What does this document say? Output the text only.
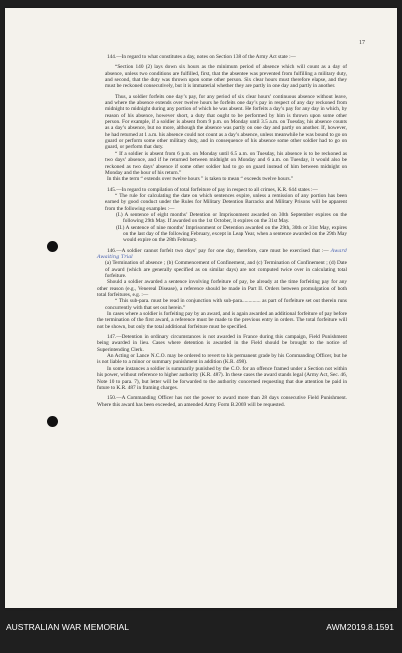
17

144.—In regard to what constitutes a day, notes on Section 138 of the Army Act state :—

“Section 140 (2) lays down six hours as the minimum period of absence which will count as a day of absence, unless two conditions are fulfilled, first, that the absentee was prevented from fulfilling a military duty, and second, that the duty was thrown upon some other person. Six clear hours must therefore elapse, and they must be reckoned consecutively, but it is immaterial whether they are partly in one day and partly in another.

Thus, a soldier forfeits one day’s pay, for any period of six clear hours’ continuous absence without leave, and where the absence extends over twelve hours he forfeits one day’s pay in respect of any day reckoned from midnight to midnight during any portion of which he was absent. He forfeits a day’s pay for any day in which, by reason of his absence, however short, a duty that ought to be performed by him is thrown upon some other person. For example, if a soldier is absent from 9 p.m. on Monday until 3.5 a.m. on Tuesday, his absence counts as a day’s absence, but no more, although the absence was partly on one day and partly on another. If, however, he had returned at 1 a.m. his absence could not count as a day’s absence, unless meanwhile he was bound to go on guard or perform some other military duty, and in consequence of his absence some other soldier had to go on guard, or perform that duty.

“ If a soldier is absent from 6 p.m. on Monday until 6.5 a.m. on Tuesday, his absence is to be reckoned as two days’ absence, and if he returned between midnight on Monday and 6 a.m. on Tuesday, it would also be reckoned as two days’ absence if some other soldier had to go on guard instead of him between midnight on Monday and the hour of his return.”

In this the term “ extends over twelve hours ” is taken to mean “ exceeds twelve hours.”

145.—In regard to compilation of total forfeiture of pay in respect to all crimes, K.R. 644 states :—

“ The rule for calculating the date on which sentences expire, unless a remission of any portion has been earned by good conduct under the Rules for Military Detention Barracks and Military Prisons will be apparent from the following examples :—

(I.) A sentence of eight months’ Detention or Imprisonment awarded on 30th September expires on the following 29th May. If awarded on the 1st October, it expires on the 31st May.

(II.) A sentence of nine months’ Imprisonment or Detention awarded on the 29th, 30th or 31st May, expires on the last day of the following February, except in Leap Year, when a sentence awarded on the 29th May would expire on the 28th February.

146.—A soldier cannot forfeit two days’ pay for one day, therefore, care must be exercised that :— Award Awaiting Trial

(a) Termination of absence ; (b) Commencement of Confinement, and (c) Termination of Confinement ; (d) Date of award (which are generally specified as on similar days) are not computed twice over in calculating total forfeiture.

Should a soldier awarded a sentence involving forfeiture of pay, be already at the time forfeiting pay for any other reason (e.g., Venereal Disease), a reference should be made in Part II. Orders between promulgation of both total forfeitures, e.g. :—

“ This sub-para. must be read in conjunction with sub-para.............. as part of forfeiture set out therein runs concurrently with that set out herein.”

In cases where a soldier is forfeiting pay by an award, and is again awarded an additional forfeiture of pay before the termination of the first award, a reference must be made to the previous entry in orders. The total forfeiture will not be shown, but only the total additional forfeiture must be specified.

147.—Detention in ordinary circumstances is not awarded in France during this campaign, Field Punishment being awarded in lieu. Cases where detention is awarded in the Field should be brought to the notice of Superintending Clerk.

An Acting or Lance N.C.O. may be ordered to revert to his permanent grade by his Commanding Officer, but he is not liable to a minor or summary punishment in addition (K.R. 498).

In some instances a soldier is summarily punished by the C.O. for an offence framed under a Section not within his power, without reference to higher authority (K.R. 487). In these cases the award stands legal (Army Act, Sec. 46, Note 10 to para. 7), but letter will be forwarded to the authority concerned requesting that due attention be paid in future to K.R. 487 in framing charges.

150.—A Commanding Officer has not the power to award more than 28 days consecutive Field Punishment. Where this award has been exceeded, an amended Army Form B.2069 will be requested.

AUSTRALIAN WAR MEMORIAL	AWM2019.8.1591
